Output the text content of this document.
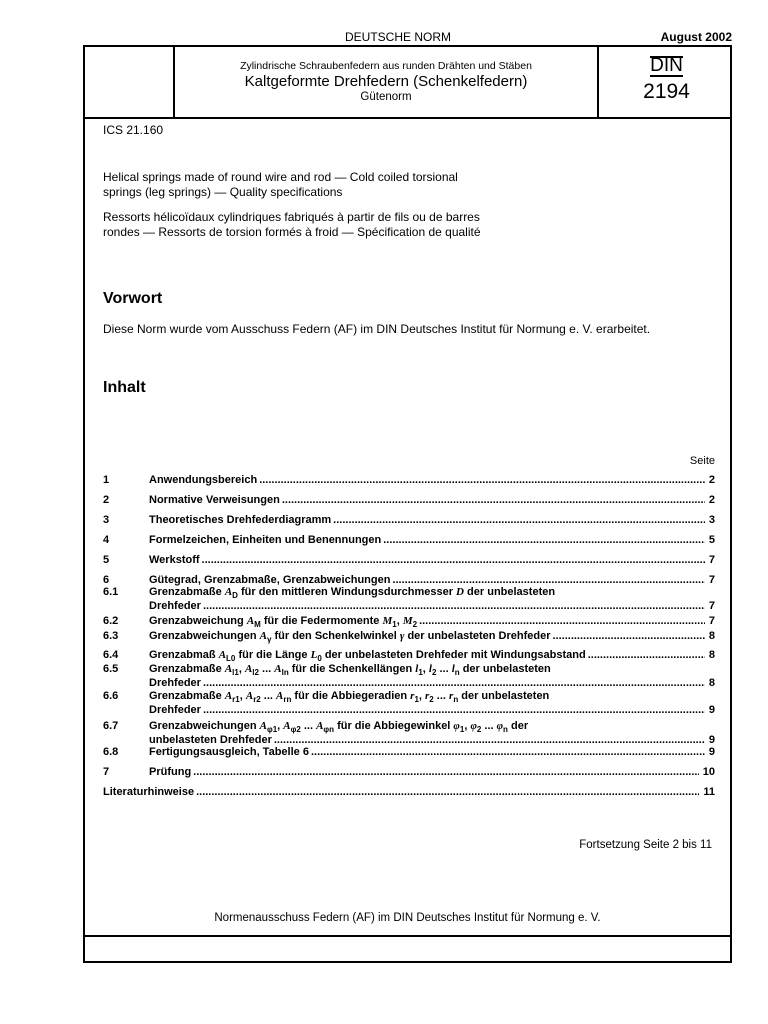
DEUTSCHE NORM	August 2002
Zylindrische Schraubenfedern aus runden Drähten und Stäben
Kaltgeformte Drehfedern (Schenkelfedern)
Gütenorm
DIN
2194
ICS 21.160
Helical springs made of round wire and rod — Cold coiled torsional
springs (leg springs) — Quality specifications
Ressorts hélicoïdaux cylindriques fabriqués à partir de fils ou de barres
rondes — Ressorts de torsion formés à froid — Spécification de qualité
Vorwort
Diese Norm wurde vom Ausschuss Federn (AF) im DIN Deutsches Institut für Normung e. V. erarbeitet.
Inhalt
Seite
1	Anwendungsbereich .....	2
2	Normative Verweisungen .....	2
3	Theoretisches Drehfederdiagramm .....	3
4	Formelzeichen, Einheiten und Benennungen .....	5
5	Werkstoff .....	7
6	Gütegrad, Grenzabmaße, Grenzabweichungen .....	7
6.1	Grenzabmaße $A_D$ für den mittleren Windungsdurchmesser D der unbelasteten
Drehfeder .....	7
6.2	Grenzabweichung $A_M$ für die Federmomente $M_1$, $M_2$ .....	7
6.3	Grenzabweichungen $A_\gamma$ für den Schenkelwinkel γ der unbelasteten Drehfeder .....	8
6.4	Grenzabmaß $A_{L0}$ für die Länge $L_0$ der unbelasteten Drehfeder mit Windungsabstand .....	8
6.5	Grenzabmaße $A_{l1}$, $A_{l2}$ ... $A_{ln}$ für die Schenkellängen $l_1$, $l_2$ ... $l_n$ der unbelasteten
Drehfeder .....	8
6.6	Grenzabmaße $A_{r1}$, $A_{r2}$ ... $A_{rn}$ für die Abbiegeradien $r_1$, $r_2$ ... $r_n$ der unbelasteten
Drehfeder .....	9
6.7	Grenzabweichungen $A_{\varphi 1}$, $A_{\varphi 2}$ ... $A_{\varphi n}$ für die Abbiegewinkel $\varphi_1$, $\varphi_2$ ... $\varphi_n$ der
unbelasteten Drehfeder .....	9
6.8	Fertigungsausgleich, Tabelle 6 .....	9
7	Prüfung .....	10
Literaturhinweise .....	11
Fortsetzung Seite 2 bis 11
Normenausschuss Federn (AF) im DIN Deutsches Institut für Normung e. V.
